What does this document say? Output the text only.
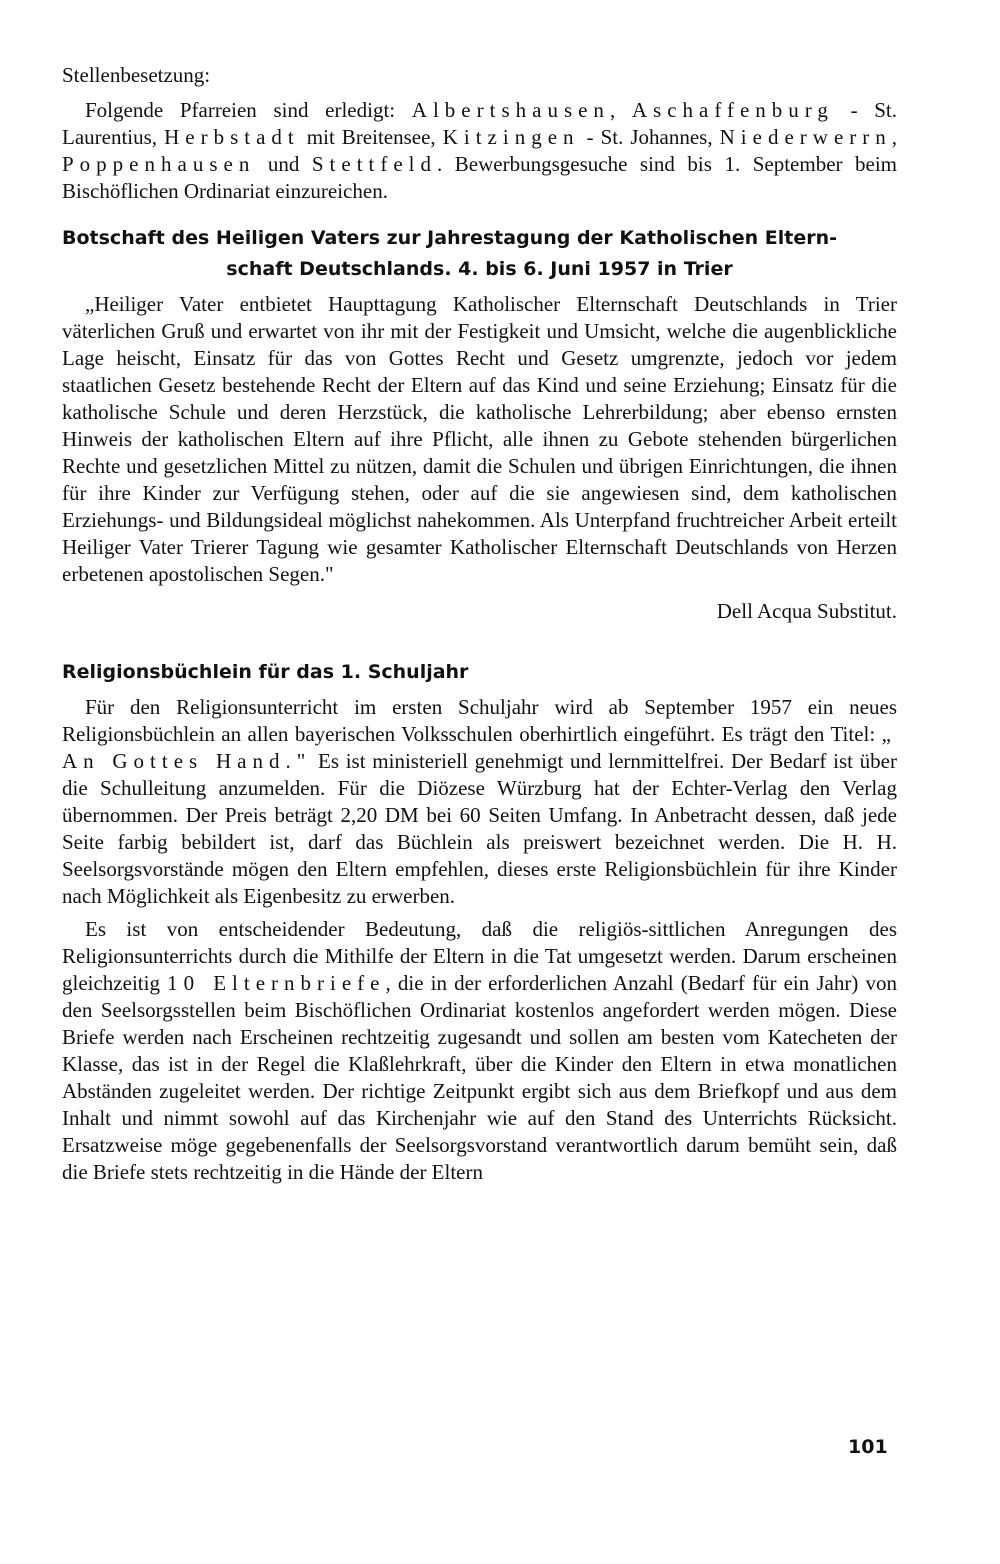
Stellenbesetzung:

Folgende Pfarreien sind erledigt: Albertshausen, Aschaffenburg - St. Laurentius, Herbstadt mit Breitensee, Kitzingen - St. Johannes, Niederwerrn, Poppenhausen und Stettfeld. Bewerbungsgesuche sind bis 1. September beim Bischöflichen Ordinariat einzureichen.

Botschaft des Heiligen Vaters zur Jahrestagung der Katholischen Eltern-
schaft Deutschlands. 4. bis 6. Juni 1957 in Trier

„Heiliger Vater entbietet Haupttagung Katholischer Elternschaft Deutschlands in Trier väterlichen Gruß und erwartet von ihr mit der Festigkeit und Umsicht, welche die augenblickliche Lage heischt, Einsatz für das von Gottes Recht und Gesetz umgrenzte, jedoch vor jedem staatlichen Gesetz bestehende Recht der Eltern auf das Kind und seine Erziehung; Einsatz für die katholische Schule und deren Herzstück, die katholische Lehrerbildung; aber ebenso ernsten Hinweis der katholischen Eltern auf ihre Pflicht, alle ihnen zu Gebote stehenden bürgerlichen Rechte und gesetzlichen Mittel zu nützen, damit die Schulen und übrigen Einrichtungen, die ihnen für ihre Kinder zur Verfügung stehen, oder auf die sie angewiesen sind, dem katholischen Erziehungs- und Bildungsideal möglichst nahekommen. Als Unterpfand fruchtreicher Arbeit erteilt Heiliger Vater Trierer Tagung wie gesamter Katholischer Elternschaft Deutschlands von Herzen erbetenen apostolischen Segen."

Dell Acqua Substitut.

Religionsbüchlein für das 1. Schuljahr

Für den Religionsunterricht im ersten Schuljahr wird ab September 1957 ein neues Religionsbüchlein an allen bayerischen Volksschulen oberhirtlich eingeführt. Es trägt den Titel: „ An Gottes Hand." Es ist ministeriell genehmigt und lernmittelfrei. Der Bedarf ist über die Schulleitung anzumelden. Für die Diözese Würzburg hat der Echter-Verlag den Verlag übernommen. Der Preis beträgt 2,20 DM bei 60 Seiten Umfang. In Anbetracht dessen, daß jede Seite farbig bebildert ist, darf das Büchlein als preiswert bezeichnet werden. Die H. H. Seelsorgsvorstände mögen den Eltern empfehlen, dieses erste Religionsbüchlein für ihre Kinder nach Möglichkeit als Eigenbesitz zu erwerben.

Es ist von entscheidender Bedeutung, daß die religiös-sittlichen Anregungen des Religionsunterrichts durch die Mithilfe der Eltern in die Tat umgesetzt werden. Darum erscheinen gleichzeitig 10 Elternbriefe, die in der erforderlichen Anzahl (Bedarf für ein Jahr) von den Seelsorgsstellen beim Bischöflichen Ordinariat kostenlos angefordert werden mögen. Diese Briefe werden nach Erscheinen rechtzeitig zugesandt und sollen am besten vom Katecheten der Klasse, das ist in der Regel die Klaßlehrkraft, über die Kinder den Eltern in etwa monatlichen Abständen zugeleitet werden. Der richtige Zeitpunkt ergibt sich aus dem Briefkopf und aus dem Inhalt und nimmt sowohl auf das Kirchenjahr wie auf den Stand des Unterrichts Rücksicht. Ersatzweise möge gegebenenfalls der Seelsorgsvorstand verantwortlich darum bemüht sein, daß die Briefe stets rechtzeitig in die Hände der Eltern

101
